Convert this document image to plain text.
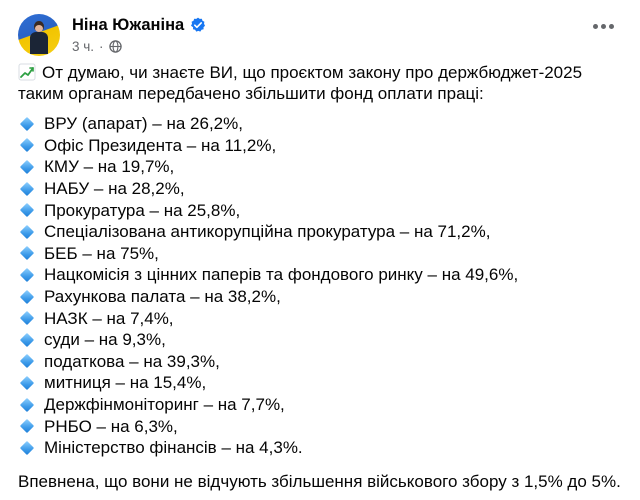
Ніна Южаніна
3 ч. ·
От думаю, чи знаєте ВИ, що проєктом закону про держбюджет-2025 таким органам передбачено збільшити фонд оплати праці:
ВРУ (апарат) – на 26,2%,
Офіс Президента – на 11,2%,
КМУ – на 19,7%,
НАБУ – на 28,2%,
Прокуратура – на 25,8%,
Спеціалізована антикорупційна прокуратура – на 71,2%,
БЕБ – на 75%,
Нацкомісія з цінних паперів та фондового ринку – на 49,6%,
Рахункова палата – на 38,2%,
НАЗК – на 7,4%,
суди – на 9,3%,
податкова – на 39,3%,
митниця – на 15,4%,
Держфінмоніторинг – на 7,7%,
РНБО – на 6,3%,
Міністерство фінансів – на 4,3%.
Впевнена, що вони не відчують збільшення військового збору з 1,5% до 5%.
